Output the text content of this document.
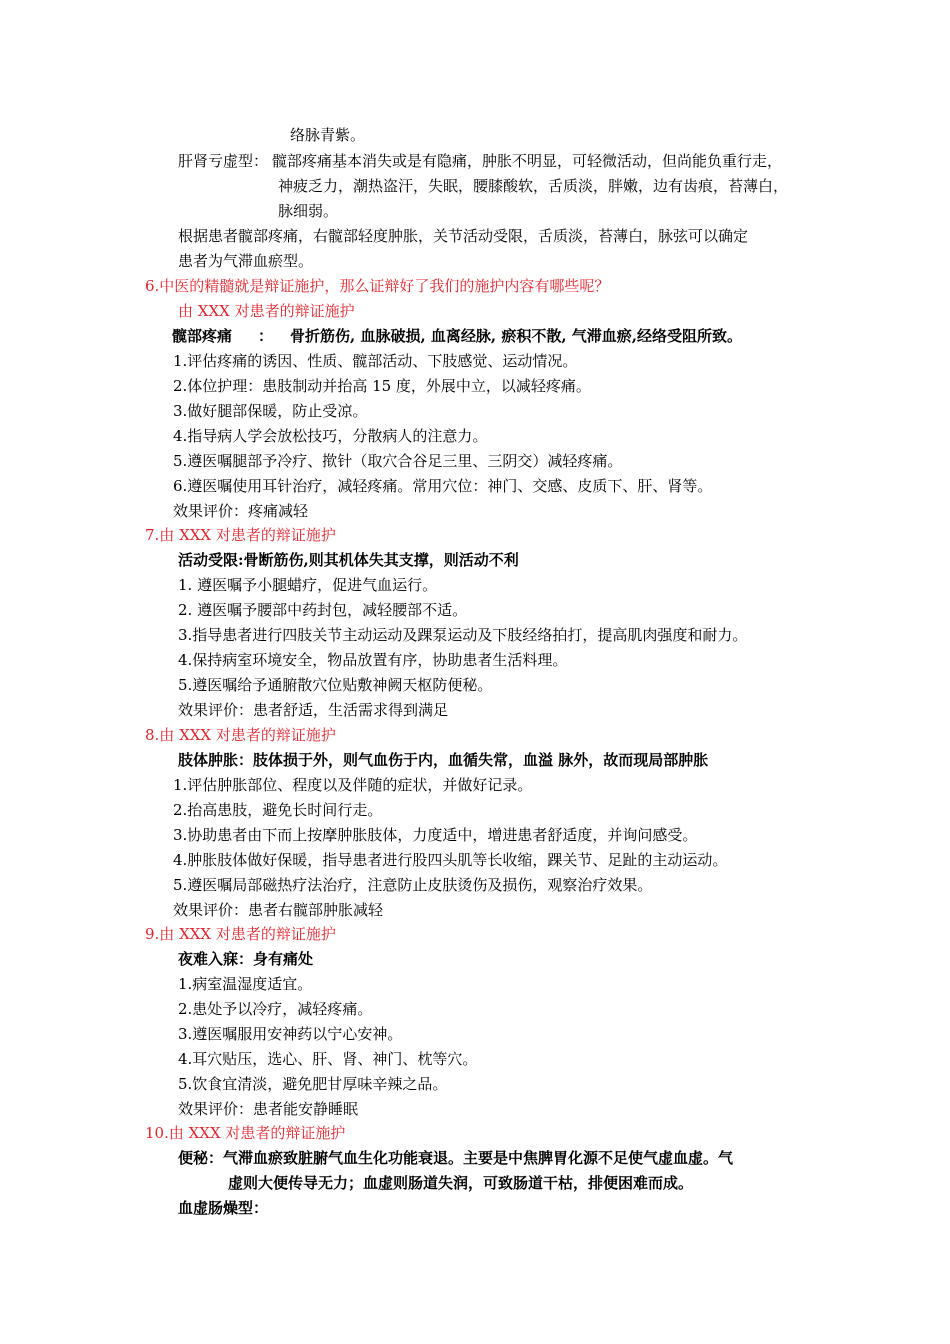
络脉青紫。
肝肾亏虚型： 髋部疼痛基本消失或是有隐痛，肿胀不明显，可轻微活动，但尚能负重行走，
神疲乏力，潮热盗汗，失眠，腰膝酸软，舌质淡，胖嫩，边有齿痕，苔薄白，
脉细弱。
根据患者髋部疼痛，右髋部轻度肿胀，关节活动受限，舌质淡，苔薄白，脉弦可以确定
患者为气滞血瘀型。
6.中医的精髓就是辩证施护，那么证辩好了我们的施护内容有哪些呢？
由 XXX 对患者的辩证施护
髋部疼痛 ： 骨折筋伤, 血脉破损, 血离经脉, 瘀积不散, 气滞血瘀,经络受阻所致。
1.评估疼痛的诱因、性质、髋部活动、下肢感觉、运动情况。
2.体位护理：患肢制动并抬高 15 度，外展中立，以减轻疼痛。
3.做好腿部保暖，防止受凉。
4.指导病人学会放松技巧，分散病人的注意力。
5.遵医嘱腿部予冷疗、揿针（取穴合谷足三里、三阴交）减轻疼痛。
6.遵医嘱使用耳针治疗，减轻疼痛。常用穴位：神门、交感、皮质下、肝、肾等。
效果评价：疼痛减轻
7.由 XXX 对患者的辩证施护
活动受限:骨断筋伤,则其机体失其支撑，则活动不利
1. 遵医嘱予小腿蜡疗，促进气血运行。
2. 遵医嘱予腰部中药封包，减轻腰部不适。
3.指导患者进行四肢关节主动运动及踝泵运动及下肢经络拍打，提高肌肉强度和耐力。
4.保持病室环境安全，物品放置有序，协助患者生活料理。
5.遵医嘱给予通腑散穴位贴敷神阙天枢防便秘。
效果评价：患者舒适，生活需求得到满足
8.由 XXX 对患者的辩证施护
肢体肿胀：肢体损于外，则气血伤于内，血循失常，血溢 脉外，故而现局部肿胀
1.评估肿胀部位、程度以及伴随的症状，并做好记录。
2.抬高患肢，避免长时间行走。
3.协助患者由下而上按摩肿胀肢体，力度适中，增进患者舒适度，并询问感受。
4.肿胀肢体做好保暖，指导患者进行股四头肌等长收缩，踝关节、足趾的主动运动。
5.遵医嘱局部磁热疗法治疗，注意防止皮肤烫伤及损伤，观察治疗效果。
效果评价：患者右髋部肿胀减轻
9.由 XXX 对患者的辩证施护
夜难入寐：身有痛处
1.病室温湿度适宜。
2.患处予以冷疗，减轻疼痛。
3.遵医嘱服用安神药以宁心安神。
4.耳穴贴压，选心、肝、肾、神门、枕等穴。
5.饮食宜清淡，避免肥甘厚味辛辣之品。
效果评价：患者能安静睡眠
10.由 XXX 对患者的辩证施护
便秘：气滞血瘀致脏腑气血生化功能衰退。主要是中焦脾胃化源不足使气虚血虚。气
虚则大便传导无力；血虚则肠道失润，可致肠道干枯，排便困难而成。
血虚肠燥型：
